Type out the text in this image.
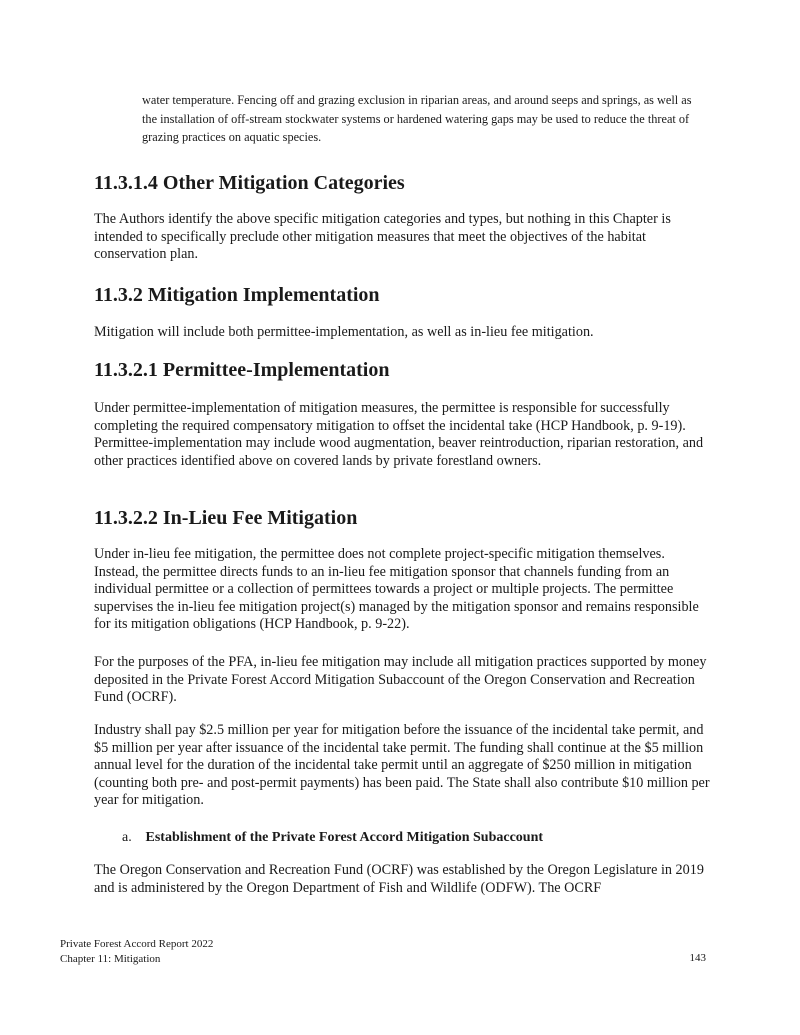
water temperature. Fencing off and grazing exclusion in riparian areas, and around seeps and springs, as well as the installation of off-stream stockwater systems or hardened watering gaps may be used to reduce the threat of grazing practices on aquatic species.

11.3.1.4 Other Mitigation Categories

The Authors identify the above specific mitigation categories and types, but nothing in this Chapter is intended to specifically preclude other mitigation measures that meet the objectives of the habitat conservation plan.

11.3.2 Mitigation Implementation

Mitigation will include both permittee-implementation, as well as in-lieu fee mitigation.

11.3.2.1 Permittee-Implementation

Under permittee-implementation of mitigation measures, the permittee is responsible for successfully completing the required compensatory mitigation to offset the incidental take (HCP Handbook, p. 9-19). Permittee-implementation may include wood augmentation, beaver reintroduction, riparian restoration, and other practices identified above on covered lands by private forestland owners.

11.3.2.2 In-Lieu Fee Mitigation

Under in-lieu fee mitigation, the permittee does not complete project-specific mitigation themselves. Instead, the permittee directs funds to an in-lieu fee mitigation sponsor that channels funding from an individual permittee or a collection of permittees towards a project or multiple projects. The permittee supervises the in-lieu fee mitigation project(s) managed by the mitigation sponsor and remains responsible for its mitigation obligations (HCP Handbook, p. 9-22).

For the purposes of the PFA, in-lieu fee mitigation may include all mitigation practices supported by money deposited in the Private Forest Accord Mitigation Subaccount of the Oregon Conservation and Recreation Fund (OCRF).

Industry shall pay $2.5 million per year for mitigation before the issuance of the incidental take permit, and $5 million per year after issuance of the incidental take permit. The funding shall continue at the $5 million annual level for the duration of the incidental take permit until an aggregate of $250 million in mitigation (counting both pre- and post-permit payments) has been paid. The State shall also contribute $10 million per year for mitigation.

a. Establishment of the Private Forest Accord Mitigation Subaccount

The Oregon Conservation and Recreation Fund (OCRF) was established by the Oregon Legislature in 2019 and is administered by the Oregon Department of Fish and Wildlife (ODFW). The OCRF

Private Forest Accord Report 2022
Chapter 11: Mitigation	143
